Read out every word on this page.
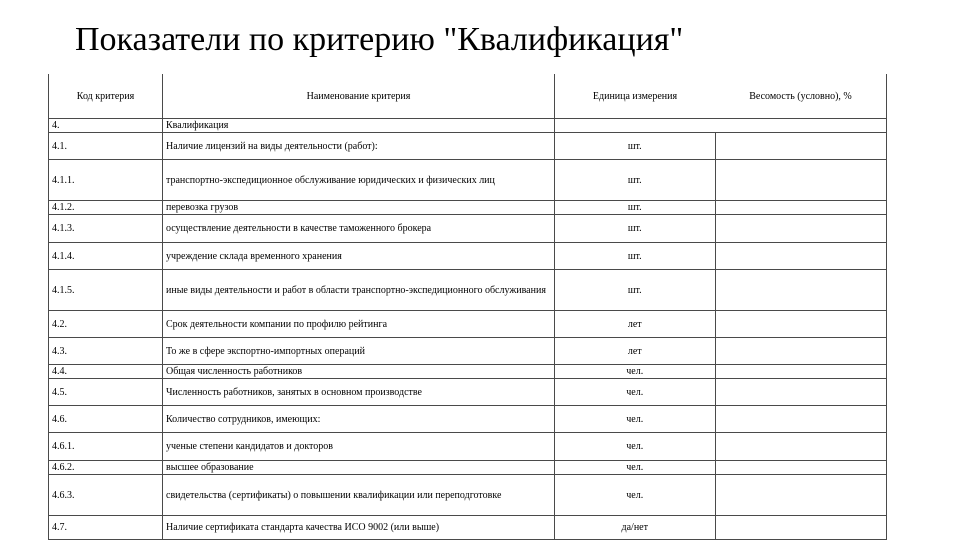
Показатели по критерию "Квалификация"
Код критерия	Наименование критерия	Единица измерения	Весомость (условно), %
4.	Квалификация		
4.1.	Наличие лицензий на виды деятельности (работ):	шт.	
4.1.1.	транспортно-экспедиционное обслуживание юридических и физических лиц	шт.	
4.1.2.	перевозка грузов	шт.	
4.1.3.	осуществление деятельности в качестве таможенного брокера	шт.	
4.1.4.	учреждение склада временного хранения	шт.	
4.1.5.	иные виды деятельности и работ в области транспортно-экспедиционного обслуживания	шт.	
4.2.	Срок деятельности компании по профилю рейтинга	лет	
4.3.	То же в сфере экспортно-импортных операций	лет	
4.4.	Общая численность работников	чел.	
4.5.	Численность работников, занятых в основном производстве	чел.	
4.6.	Количество сотрудников, имеющих:	чел.	
4.6.1.	ученые степени кандидатов и докторов	чел.	
4.6.2.	высшее образование	чел.	
4.6.3.	свидетельства (сертификаты) о повышении квалификации или переподготовке	чел.	
4.7.	Наличие сертификата стандарта качества ИСО 9002 (или выше)	да/нет	
